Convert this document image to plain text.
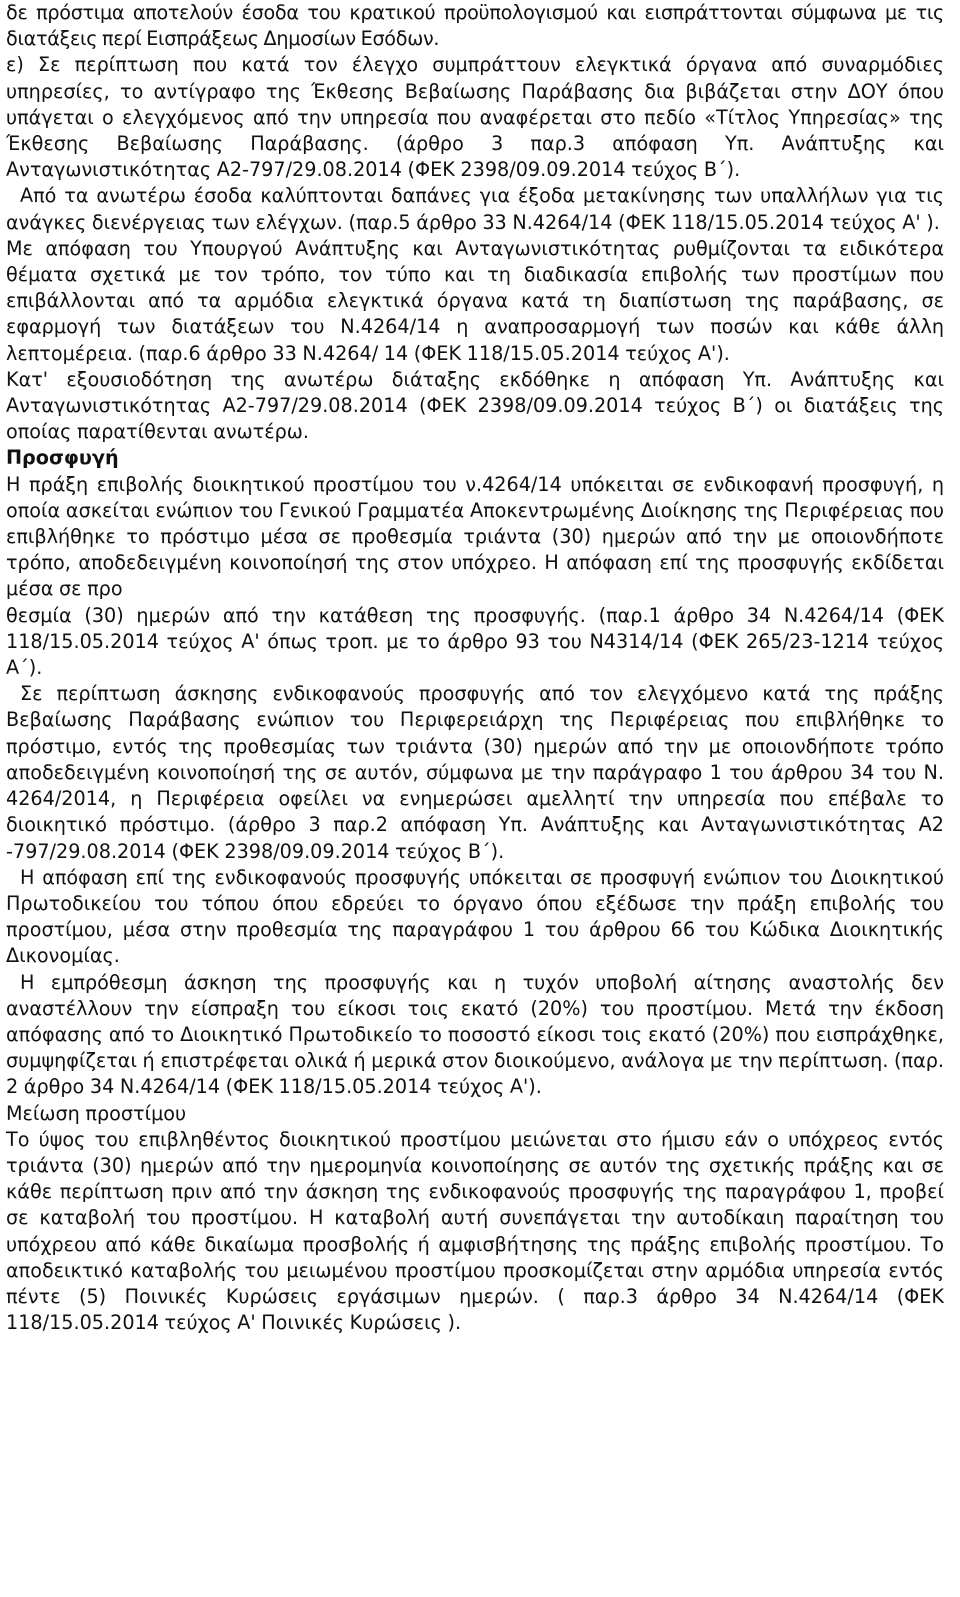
δε πρόστιμα αποτελούν έσοδα του κρατικού προϋπολογισμού και εισπράττονται σύμφωνα με τις διατάξεις περί Εισπράξεως Δημοσίων Εσόδων.

ε) Σε περίπτωση που κατά τον έλεγχο συμπράττουν ελεγκτικά όργανα από συναρμόδιες υπηρεσίες, το αντίγραφο της Έκθεσης Βεβαίωσης Παράβασης δια βιβάζεται στην ΔΟΥ όπου υπάγεται ο ελεγχόμενος από την υπηρεσία που αναφέρεται στο πεδίο «Τίτλος Υπηρεσίας» της Έκθεσης Βεβαίωσης Παράβασης. (άρθρο 3 παρ.3 απόφαση Υπ. Ανάπτυξης και Ανταγωνιστικότητας Α2-797/29.08.2014 (ΦΕΚ 2398/09.09.2014 τεύχος Β΄).

Από τα ανωτέρω έσοδα καλύπτονται δαπάνες για έξοδα μετακίνησης των υπαλλήλων για τις ανάγκες διενέργειας των ελέγχων. (παρ.5 άρθρο 33 Ν.4264/14 (ΦΕΚ 118/15.05.2014 τεύχος Α' ).

Με απόφαση του Υπουργού Ανάπτυξης και Ανταγωνιστικότητας ρυθμίζονται τα ειδικότερα θέματα σχετικά με τον τρόπο, τον τύπο και τη διαδικασία επιβολής των προστίμων που επιβάλλονται από τα αρμόδια ελεγκτικά όργανα κατά τη διαπίστωση της παράβασης, σε εφαρμογή των διατάξεων του Ν.4264/14 η αναπροσαρμογή των ποσών και κάθε άλλη λεπτομέρεια. (παρ.6 άρθρο 33 Ν.4264/ 14 (ΦΕΚ 118/15.05.2014 τεύχος Α').

Κατ' εξουσιοδότηση της ανωτέρω διάταξης εκδόθηκε η απόφαση Υπ. Ανάπτυξης και Ανταγωνιστικότητας Α2-797/29.08.2014 (ΦΕΚ 2398/09.09.2014 τεύχος Β΄) οι διατάξεις της οποίας παρατίθενται ανωτέρω.

Προσφυγή

Η πράξη επιβολής διοικητικού προστίμου του ν.4264/14 υπόκειται σε ενδικοφανή προσφυγή, η οποία ασκείται ενώπιον του Γενικού Γραμματέα Αποκεντρωμένης Διοίκησης της Περιφέρειας που επιβλήθηκε το πρόστιμο μέσα σε προθεσμία τριάντα (30) ημερών από την με οποιονδήποτε τρόπο, αποδεδειγμένη κοινοποίησή της στον υπόχρεο. Η απόφαση επί της προσφυγής εκδίδεται μέσα σε προ

θεσμία (30) ημερών από την κατάθεση της προσφυγής. (παρ.1 άρθρο 34 Ν.4264/14 (ΦΕΚ 118/15.05.2014 τεύχος Α' όπως τροπ. με το άρθρο 93 του Ν4314/14 (ΦΕΚ 265/23-1214 τεύχος Α΄).

Σε περίπτωση άσκησης ενδικοφανούς προσφυγής από τον ελεγχόμενο κατά της πράξης Βεβαίωσης Παράβασης ενώπιον του Περιφερειάρχη της Περιφέρειας που επιβλήθηκε το πρόστιμο, εντός της προθεσμίας των τριάντα (30) ημερών από την με οποιονδήποτε τρόπο αποδεδειγμένη κοινοποίησή της σε αυτόν, σύμφωνα με την παράγραφο 1 του άρθρου 34 του Ν. 4264/2014, η Περιφέρεια οφείλει να ενημερώσει αμελλητί την υπηρεσία που επέβαλε το διοικητικό πρόστιμο. (άρθρο 3 παρ.2 απόφαση Υπ. Ανάπτυξης και Ανταγωνιστικότητας Α2 -797/29.08.2014 (ΦΕΚ 2398/09.09.2014 τεύχος Β΄).

Η απόφαση επί της ενδικοφανούς προσφυγής υπόκειται σε προσφυγή ενώπιον του Διοικητικού Πρωτοδικείου του τόπου όπου εδρεύει το όργανο όπου εξέδωσε την πράξη επιβολής του προστίμου, μέσα στην προθεσμία της παραγράφου 1 του άρθρου 66 του Κώδικα Διοικητικής Δικονομίας.

Η εμπρόθεσμη άσκηση της προσφυγής και η τυχόν υποβολή αίτησης αναστολής δεν αναστέλλουν την είσπραξη του είκοσι τοις εκατό (20%) του προστίμου. Μετά την έκδοση απόφασης από το Διοικητικό Πρωτοδικείο το ποσοστό είκοσι τοις εκατό (20%) που εισπράχθηκε, συμψηφίζεται ή επιστρέφεται ολικά ή μερικά στον διοικούμενο, ανάλογα με την περίπτωση. (παρ. 2 άρθρο 34 Ν.4264/14 (ΦΕΚ 118/15.05.2014 τεύχος Α').

Μείωση προστίμου

Το ύψος του επιβληθέντος διοικητικού προστίμου μειώνεται στο ήμισυ εάν ο υπόχρεος εντός τριάντα (30) ημερών από την ημερομηνία κοινοποίησης σε αυτόν της σχετικής πράξης και σε κάθε περίπτωση πριν από την άσκηση της ενδικοφανούς προσφυγής της παραγράφου 1, προβεί σε καταβολή του προστίμου. Η καταβολή αυτή συνεπάγεται την αυτοδίκαιη παραίτηση του υπόχρεου από κάθε δικαίωμα προσβολής ή αμφισβήτησης της πράξης επιβολής προστίμου. Το αποδεικτικό καταβολής του μειωμένου προστίμου προσκομίζεται στην αρμόδια υπηρεσία εντός πέντε (5) Ποινικές Κυρώσεις εργάσιμων ημερών. ( παρ.3 άρθρο 34 Ν.4264/14 (ΦΕΚ 118/15.05.2014 τεύχος Α' Ποινικές Κυρώσεις ).
